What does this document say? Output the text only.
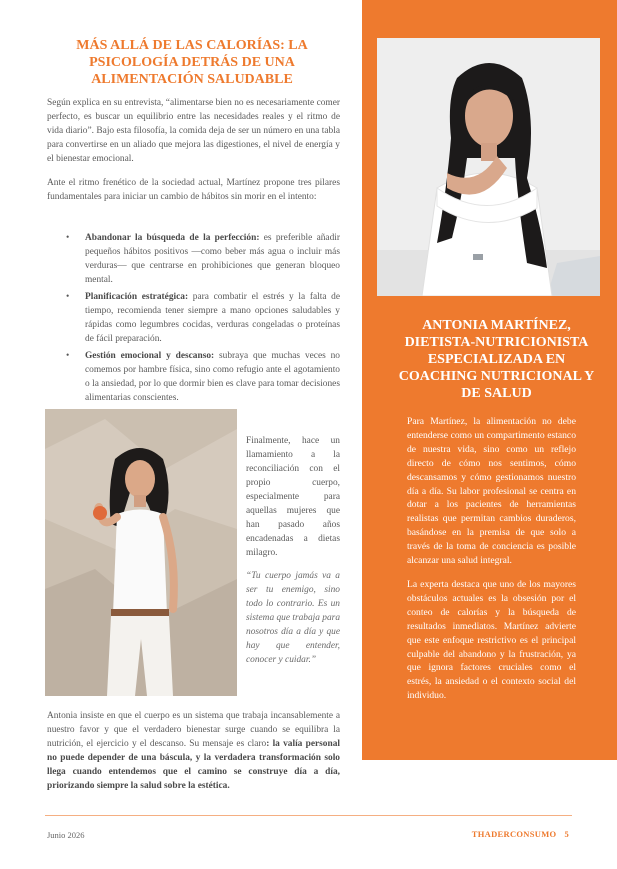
ANTONIA MARTÍNEZ, DIETISTA-NUTRICIONISTA ESPECIALIZADA EN COACHING NUTRICIONAL Y DE SALUD

Para Martínez, la alimentación no debe entenderse como un compartimento estanco de nuestra vida, sino como un reflejo directo de cómo nos sentimos, cómo descansamos y cómo gestionamos nuestro día a día. Su labor profesional se centra en dotar a los pacientes de herramientas realistas que permitan cambios duraderos, basándose en la premisa de que solo a través de la toma de conciencia es posible alcanzar una salud integral.

La experta destaca que uno de los mayores obstáculos actuales es la obsesión por el conteo de calorías y la búsqueda de resultados inmediatos. Martínez advierte que este enfoque restrictivo es el principal culpable del abandono y la frustración, ya que ignora factores cruciales como el estrés, la ansiedad o el contexto social del individuo.

MÁS ALLÁ DE LAS CALORÍAS: LA PSICOLOGÍA DETRÁS DE UNA ALIMENTACIÓN SALUDABLE

Según explica en su entrevista, “alimentarse bien no es necesariamente comer perfecto, es buscar un equilibrio entre las necesidades reales y el ritmo de vida diario”. Bajo esta filosofía, la comida deja de ser un número en una tabla para convertirse en un aliado que mejora las digestiones, el nivel de energía y el bienestar emocional.

Ante el ritmo frenético de la sociedad actual, Martínez propone tres pilares fundamentales para iniciar un cambio de hábitos sin morir en el intento:

• Abandonar la búsqueda de la perfección: es preferible añadir pequeños hábitos positivos —como beber más agua o incluir más verduras— que centrarse en prohibiciones que generan bloqueo mental.
• Planificación estratégica: para combatir el estrés y la falta de tiempo, recomienda tener siempre a mano opciones saludables y rápidas como legumbres cocidas, verduras congeladas o proteínas de fácil preparación.
• Gestión emocional y descanso: subraya que muchas veces no comemos por hambre física, sino como refugio ante el agotamiento o la ansiedad, por lo que dormir bien es clave para tomar decisiones alimentarias conscientes.

Finalmente, hace un llamamiento a la reconciliación con el propio cuerpo, especialmente para aquellas mujeres que han pasado años encadenadas a dietas milagro.

“Tu cuerpo jamás va a ser tu enemigo, sino todo lo contrario. Es un sistema que trabaja para nosotros día a día y que hay que entender, conocer y cuidar.”

Antonia insiste en que el cuerpo es un sistema que trabaja incansablemente a nuestro favor y que el verdadero bienestar surge cuando se equilibra la nutrición, el ejercicio y el descanso. Su mensaje es claro: la valía personal no puede depender de una báscula, y la verdadera transformación solo llega cuando entendemos que el camino se construye día a día, priorizando siempre la salud sobre la estética.

Junio 2026	THADERCONSUMO 5
